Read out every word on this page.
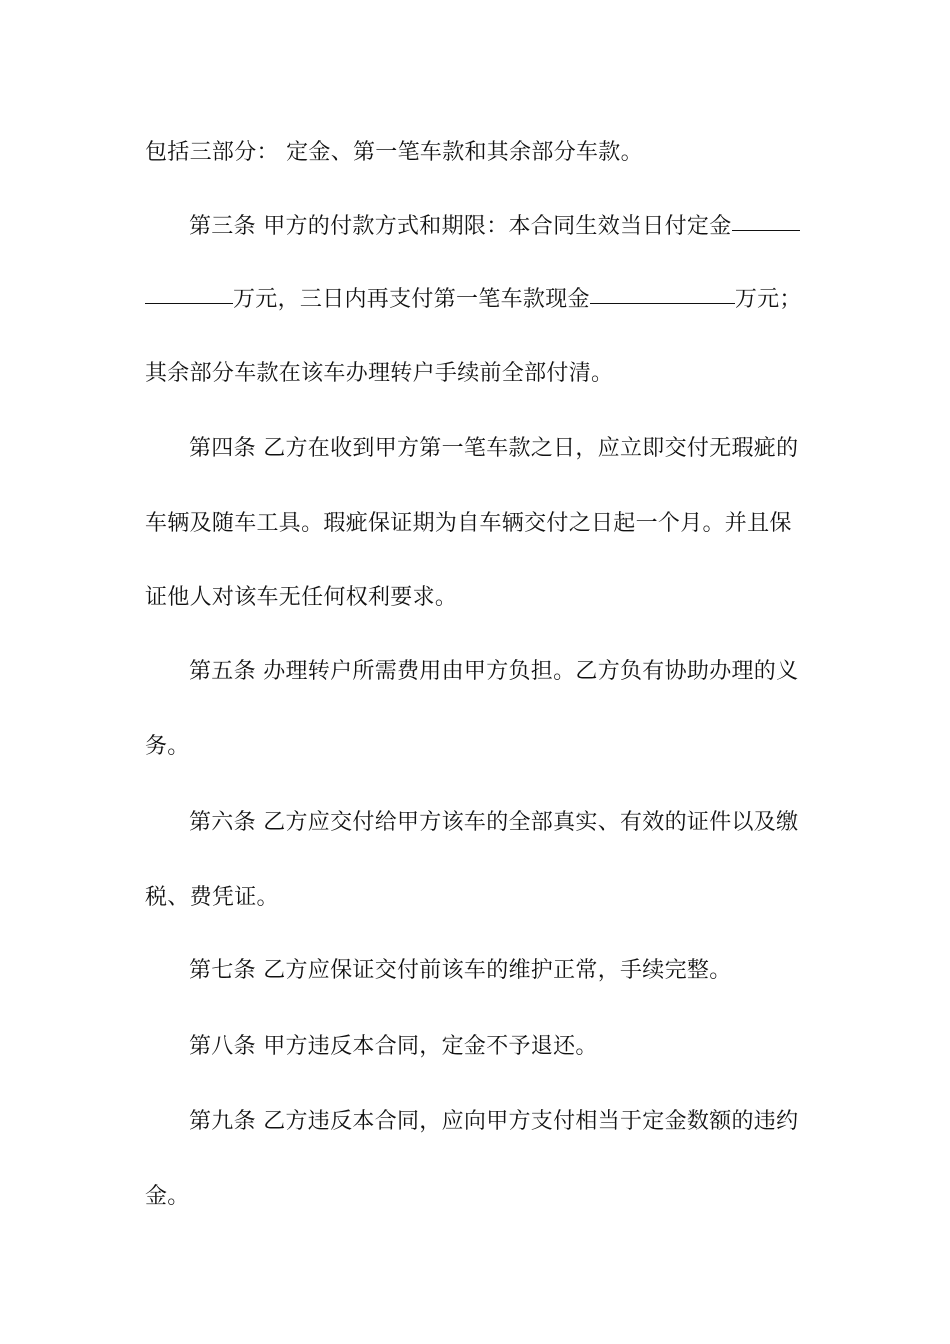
包括三部分： 定金、第一笔车款和其余部分车款。
第三条 甲方的付款方式和期限：本合同生效当日付定金
万元，三日内再支付第一笔车款现金	万元；
其余部分车款在该车办理转户手续前全部付清。
第四条 乙方在收到甲方第一笔车款之日，应立即交付无瑕疵的
车辆及随车工具。瑕疵保证期为自车辆交付之日起一个月。并且保
证他人对该车无任何权利要求。
第五条 办理转户所需费用由甲方负担。乙方负有协助办理的义
务。
第六条 乙方应交付给甲方该车的全部真实、有效的证件以及缴
税、费凭证。
第七条 乙方应保证交付前该车的维护正常，手续完整。
第八条 甲方违反本合同，定金不予退还。
第九条 乙方违反本合同，应向甲方支付相当于定金数额的违约
金。
